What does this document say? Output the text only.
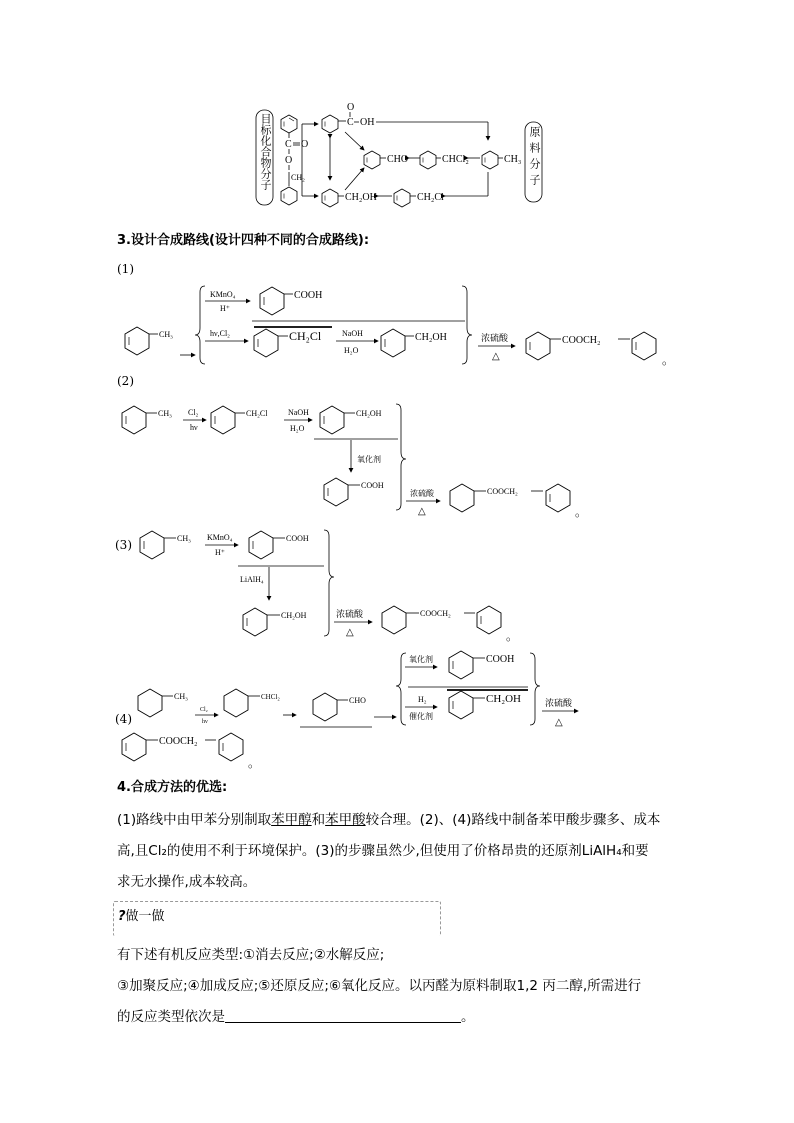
C O
O
CH₂
O
C OH
CHO	CHCl₂	CH₃
CH₂OH	CH₂Cl
目标化合物分子	原料分子
3.设计合成路线(设计四种不同的合成路线):
(1)
CH₃
KMnO₄
H⁺
COOH
hν,Cl₂	CH₂Cl	NaOH
H₂O
CH₂OH	浓硫酸
△
COOCH₂
。
(2)
CH₃ Cl₂
hν
CH₂Cl	NaOH
H₂O
CH₂OH
氧化剂
COOH
浓硫酸
△
COOCH₂
。
(3)	CH₃ KMnO₄
H⁺
COOH
LiAlH₄
CH₂OH	浓硫酸
△
COOCH₂
。
(4)
CH₃
Cl₂
hν
CHCl₂	CHO
氧化剂	COOH
H₂
催化剂
CH₂OH	浓硫酸
△
COOCH₂
。
4.合成方法的优选:
(1)路线中由甲苯分别制取苯甲醇和苯甲酸较合理。(2)、(4)路线中制备苯甲酸步骤多、成本
高,且Cl₂的使用不利于环境保护。(3)的步骤虽然少,但使用了价格昂贵的还原剂LiAlH₄和要
求无水操作,成本较高。
?做一做
有下述有机反应类型:①消去反应;②水解反应;
③加聚反应;④加成反应;⑤还原反应;⑥氧化反应。以丙醛为原料制取1,2 丙二醇,所需进行
的反应类型依次是	。
